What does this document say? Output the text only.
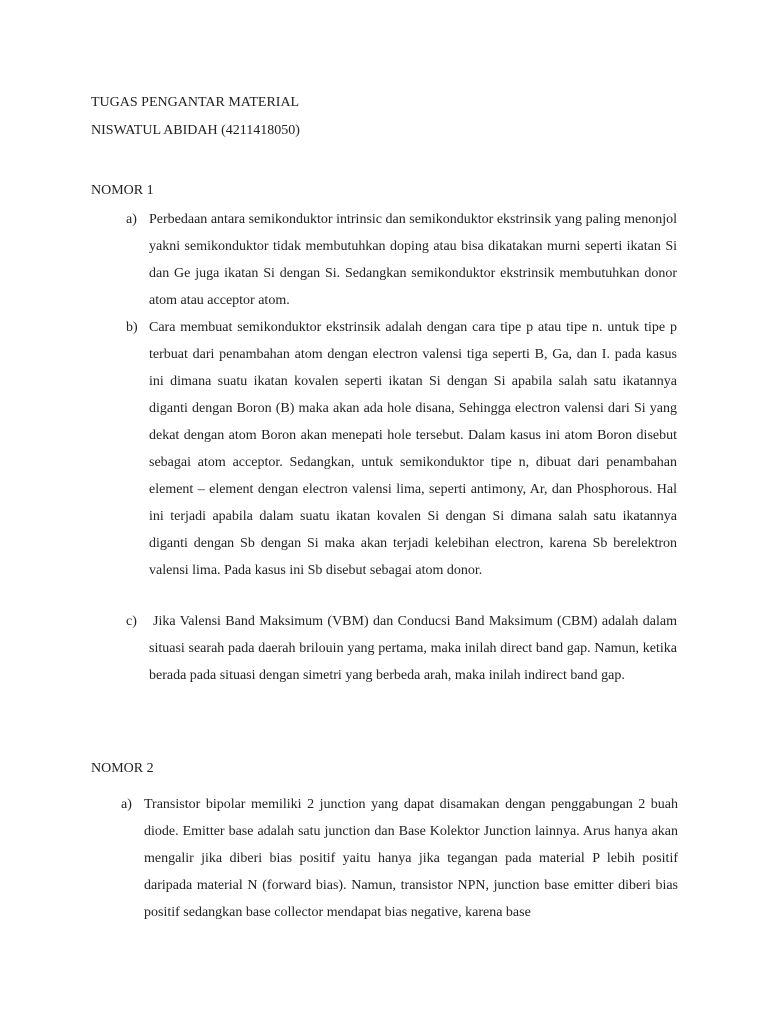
TUGAS PENGANTAR MATERIAL
NISWATUL ABIDAH (4211418050)
NOMOR 1
a) Perbedaan antara semikonduktor intrinsic dan semikonduktor ekstrinsik yang paling menonjol yakni semikonduktor tidak membutuhkan doping atau bisa dikatakan murni seperti ikatan Si dan Ge juga ikatan Si dengan Si. Sedangkan semikonduktor ekstrinsik membutuhkan donor atom atau acceptor atom.
b) Cara membuat semikonduktor ekstrinsik adalah dengan cara tipe p atau tipe n. untuk tipe p terbuat dari penambahan atom dengan electron valensi tiga seperti B, Ga, dan I. pada kasus ini dimana suatu ikatan kovalen seperti ikatan Si dengan Si apabila salah satu ikatannya diganti dengan Boron (B) maka akan ada hole disana, Sehingga electron valensi dari Si yang dekat dengan atom Boron akan menepati hole tersebut. Dalam kasus ini atom Boron disebut sebagai atom acceptor. Sedangkan, untuk semikonduktor tipe n, dibuat dari penambahan element – element dengan electron valensi lima, seperti antimony, Ar, dan Phosphorous. Hal ini terjadi apabila dalam suatu ikatan kovalen Si dengan Si dimana salah satu ikatannya diganti dengan Sb dengan Si maka akan terjadi kelebihan electron, karena Sb berelektron valensi lima. Pada kasus ini Sb disebut sebagai atom donor.
c) Jika Valensi Band Maksimum (VBM) dan Conducsi Band Maksimum (CBM) adalah dalam situasi searah pada daerah brilouin yang pertama, maka inilah direct band gap. Namun, ketika berada pada situasi dengan simetri yang berbeda arah, maka inilah indirect band gap.
NOMOR 2
a) Transistor bipolar memiliki 2 junction yang dapat disamakan dengan penggabungan 2 buah diode. Emitter base adalah satu junction dan Base Kolektor Junction lainnya. Arus hanya akan mengalir jika diberi bias positif yaitu hanya jika tegangan pada material P lebih positif daripada material N (forward bias). Namun, transistor NPN, junction base emitter diberi bias positif sedangkan base collector mendapat bias negative, karena base
